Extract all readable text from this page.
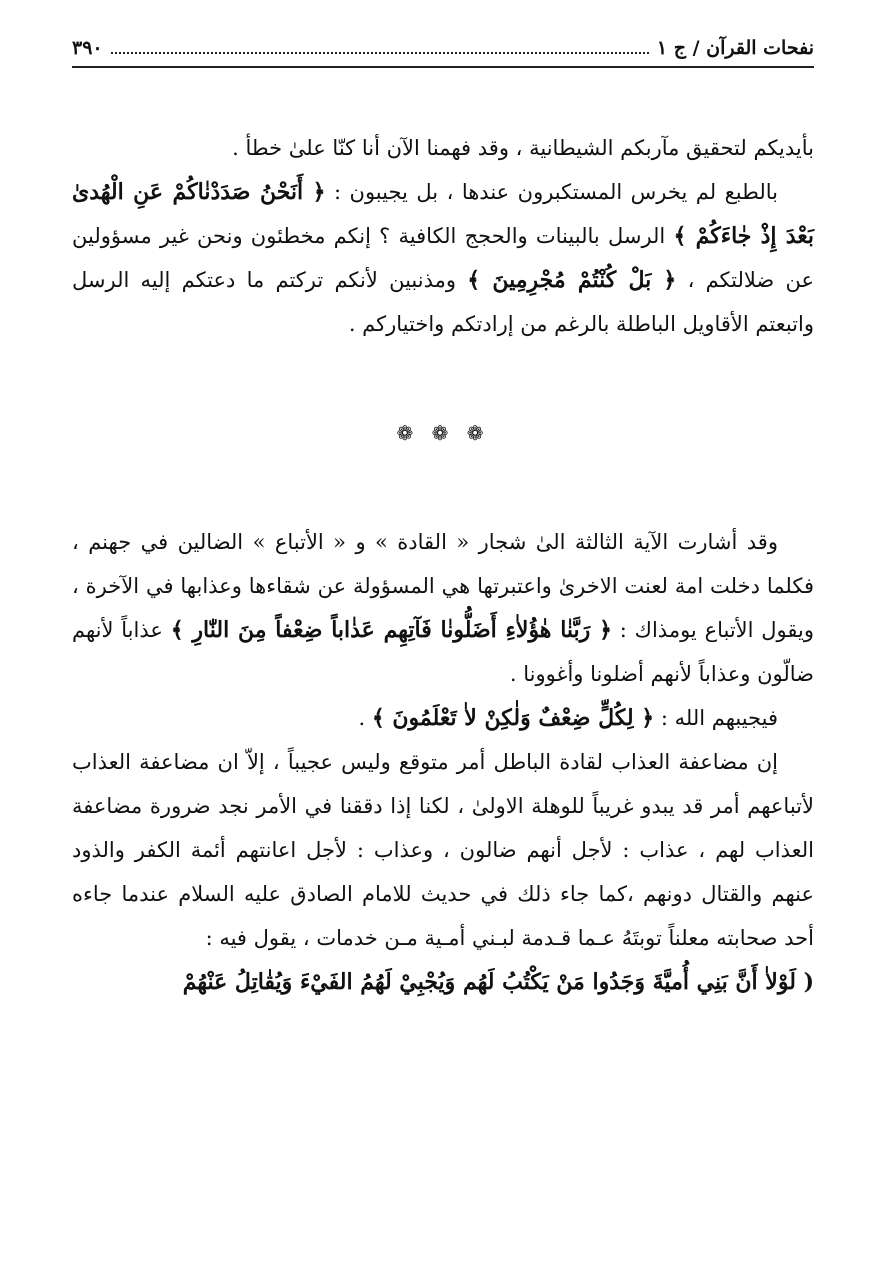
نفحات القرآن / ج ١
٣٩٠

بأيديكم لتحقيق مآربكم الشيطانية ، وقد فهمنا الآن أنا كنّا علىٰ خطأ .

بالطبع لم يخرس المستكبرون عندها ، بل يجيبون : ﴿ أَنَحْنُ صَدَدْنٰاكُمْ عَنِ الْهُدىٰ بَعْدَ إِذْ جٰاءَكُمْ ﴾ الرسل بالبينات والحجج الكافية ؟ إنكم مخطئون ونحن غير مسؤولين عن ضلالتكم ، ﴿ بَلْ كُنْتُمْ مُجْرِمِينَ ﴾ ومذنبين لأنكم تركتم ما دعتكم إليه الرسل واتبعتم الأقاويل الباطلة بالرغم من إرادتكم واختياركم .

❁ ❁ ❁

وقد أشارت الآية الثالثة الىٰ شجار « القادة » و « الأتباع » الضالين في جهنم ، فكلما دخلت امة لعنت الاخرىٰ واعتبرتها هي المسؤولة عن شقاءها وعذابها في الآخرة ، ويقول الأتباع يومذاك : ﴿ رَبَّنٰا هٰؤُلاٰءِ أَضَلُّونٰا فَآتِهِم عَذٰاباً ضِعْفاً مِنَ النّٰارِ ﴾ عذاباً لأنهم ضالّون وعذاباً لأنهم أضلونا وأغوونا .

فيجيبهم الله : ﴿ لِكُلٍّ ضِعْفٌ وَلٰكِنْ لاٰ تَعْلَمُونَ ﴾ .

إن مضاعفة العذاب لقادة الباطل أمر متوقع وليس عجيباً ، إلاّ ان مضاعفة العذاب لأتباعهم أمر قد يبدو غريباً للوهلة الاولىٰ ، لكنا إذا دققنا في الأمر نجد ضرورة مضاعفة العذاب لهم ، عذاب : لأجل أنهم ضالون ، وعذاب : لأجل اعانتهم أئمة الكفر والذود عنهم والقتال دونهم ،كما جاء ذلك في حديث للامام الصادق عليه السلام عندما جاءه أحد صحابته معلناً توبتَهُ عـما قـدمة لبـني أمـية مـن خدمات ، يقول فيه :

( لَوْلاٰ أَنَّ بَنِي أُميَّةَ وَجَدُوا مَنْ يَكْتُبُ لَهُم وَيُجْبِيْ لَهُمُ الفَيْءَ وَيُقٰاتِلُ عَنْهُمْ
